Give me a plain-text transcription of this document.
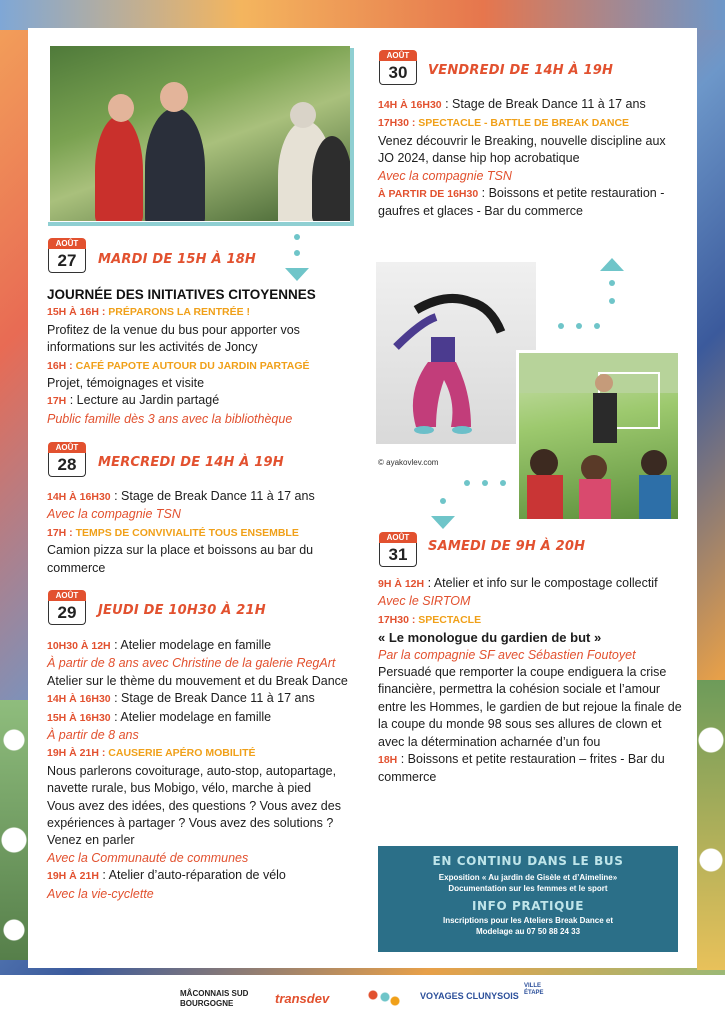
AOÛT
27	MARDI DE 15H À 18H

JOURNÉE DES INITIATIVES CITOYENNES

15H À 16H : PRÉPARONS LA RENTRÉE !

Profitez de la venue du bus pour apporter vos informations sur les activités de Joncy

16H : CAFÉ PAPOTE AUTOUR DU JARDIN PARTAGÉ

Projet, témoignages et visite

17H : Lecture au Jardin partagé

Public famille dès 3 ans avec la bibliothèque

AOÛT
28	MERCREDI DE 14H À 19H

14H À 16H30 : Stage de Break Dance 11 à 17 ans

Avec la compagnie TSN

17H : TEMPS DE CONVIVIALITÉ TOUS ENSEMBLE

Camion pizza sur la place et boissons au bar du commerce

AOÛT
29	JEUDI DE 10H30 À 21H

10H30 À 12H : Atelier modelage en famille

À partir de 8 ans avec Christine de la galerie RegArt

Atelier sur le thème du mouvement et du Break Dance

14H À 16H30 : Stage de Break Dance 11 à 17 ans

15H À 16H30 : Atelier modelage en famille

À partir de 8 ans

19H À 21H : CAUSERIE APÉRO MOBILITÉ

Nous parlerons covoiturage, auto-stop, autopartage, navette rurale, bus Mobigo, vélo, marche à pied

Vous avez des idées, des questions ? Vous avez des expériences à partager ? Vous avez des solutions ? Venez en parler

Avec la Communauté de communes

19H À 21H : Atelier d’auto-réparation de vélo

Avec la vie-cyclette

AOÛT
30	VENDREDI DE 14H À 19H

14H À 16H30 : Stage de Break Dance 11 à 17 ans

17H30 : SPECTACLE - BATTLE DE BREAK DANCE

Venez découvrir le Breaking, nouvelle discipline aux JO 2024, danse hip hop acrobatique

Avec la compagnie TSN

À PARTIR DE 16H30 : Boissons et petite restauration - gaufres et glaces - Bar du commerce

© ayakovlev.com
AOÛT
31	SAMEDI DE 9H À 20H

9H À 12H : Atelier et info sur le compostage collectif

Avec le SIRTOM

17H30 : SPECTACLE

« Le monologue du gardien de but »

Par la compagnie SF avec Sébastien Foutoyet

Persuadé que remporter la coupe endiguera la crise financière, permettra la cohésion sociale et l’amour entre les Hommes, le gardien de but rejoue la finale de la coupe du monde 98 sous ses allures de clown et avec la détermination acharnée d’un fou

18H : Boissons et petite restauration – frites - Bar du commerce

EN CONTINU DANS LE BUS
Exposition « Au jardin de Gisèle et d’Aimeline»
Documentation sur les femmes et le sport
INFO PRATIQUE
Inscriptions pour les Ateliers Break Dance et
Modelage au 07 50 88 24 33
MÂCONNAIS SUD BOURGOGNE	transdev	VOYAGES CLUNYSOIS
VILLE ÉTAPE
